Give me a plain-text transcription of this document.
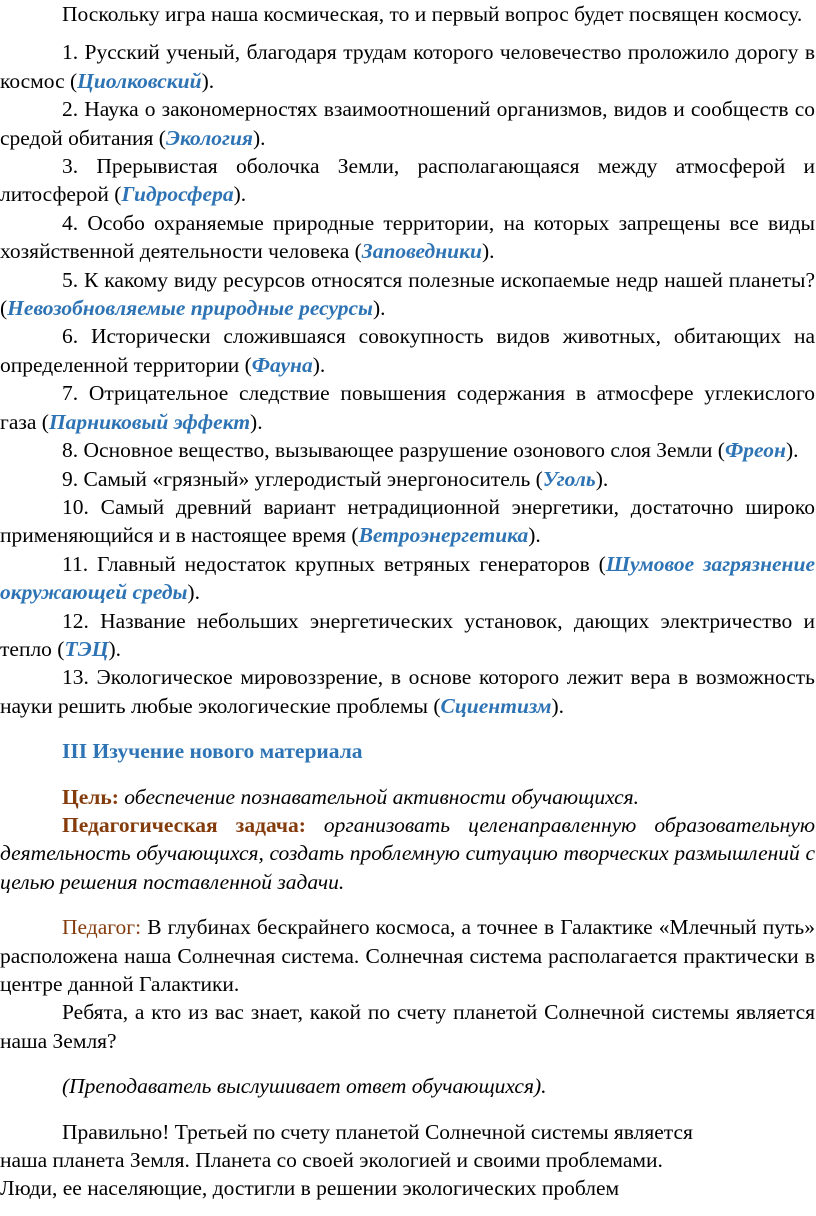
Поскольку игра наша космическая, то и первый вопрос будет посвящен космосу.

1. Русский ученый, благодаря трудам которого человечество проложило дорогу в космос (Циолковский).

2. Наука о закономерностях взаимоотношений организмов, видов и сообществ со средой обитания (Экология).

3. Прерывистая оболочка Земли, располагающаяся между атмосферой и литосферой (Гидросфера).

4. Особо охраняемые природные территории, на которых запрещены все виды хозяйственной деятельности человека (Заповедники).

5. К какому виду ресурсов относятся полезные ископаемые недр нашей планеты? (Невозобновляемые природные ресурсы).

6. Исторически сложившаяся совокупность видов животных, обитающих на определенной территории (Фауна).

7. Отрицательное следствие повышения содержания в атмосфере углекислого газа (Парниковый эффект).

8. Основное вещество, вызывающее разрушение озонового слоя Земли (Фреон).

9. Самый «грязный» углеродистый энергоноситель (Уголь).

10. Самый древний вариант нетрадиционной энергетики, достаточно широко применяющийся и в настоящее время (Ветроэнергетика).

11. Главный недостаток крупных ветряных генераторов (Шумовое загрязнение окружающей среды).

12. Название небольших энергетических установок, дающих электричество и тепло (ТЭЦ).

13. Экологическое мировоззрение, в основе которого лежит вера в возможность науки решить любые экологические проблемы (Сциентизм).

III Изучение нового материала

Цель: обеспечение познавательной активности обучающихся.

Педагогическая задача: организовать целенаправленную образовательную деятельность обучающихся, создать проблемную ситуацию творческих размышлений с целью решения поставленной задачи.

Педагог: В глубинах бескрайнего космоса, а точнее в Галактике «Млечный путь» расположена наша Солнечная система. Солнечная система располагается практически в центре данной Галактики.

Ребята, а кто из вас знает, какой по счету планетой Солнечной системы является наша Земля?

(Преподаватель выслушивает ответ обучающихся).

Правильно! Третьей по счету планетой Солнечной системы является
наша планета Земля. Планета со своей экологией и своими проблемами.
Люди, ее населяющие, достигли в решении экологических проблем
